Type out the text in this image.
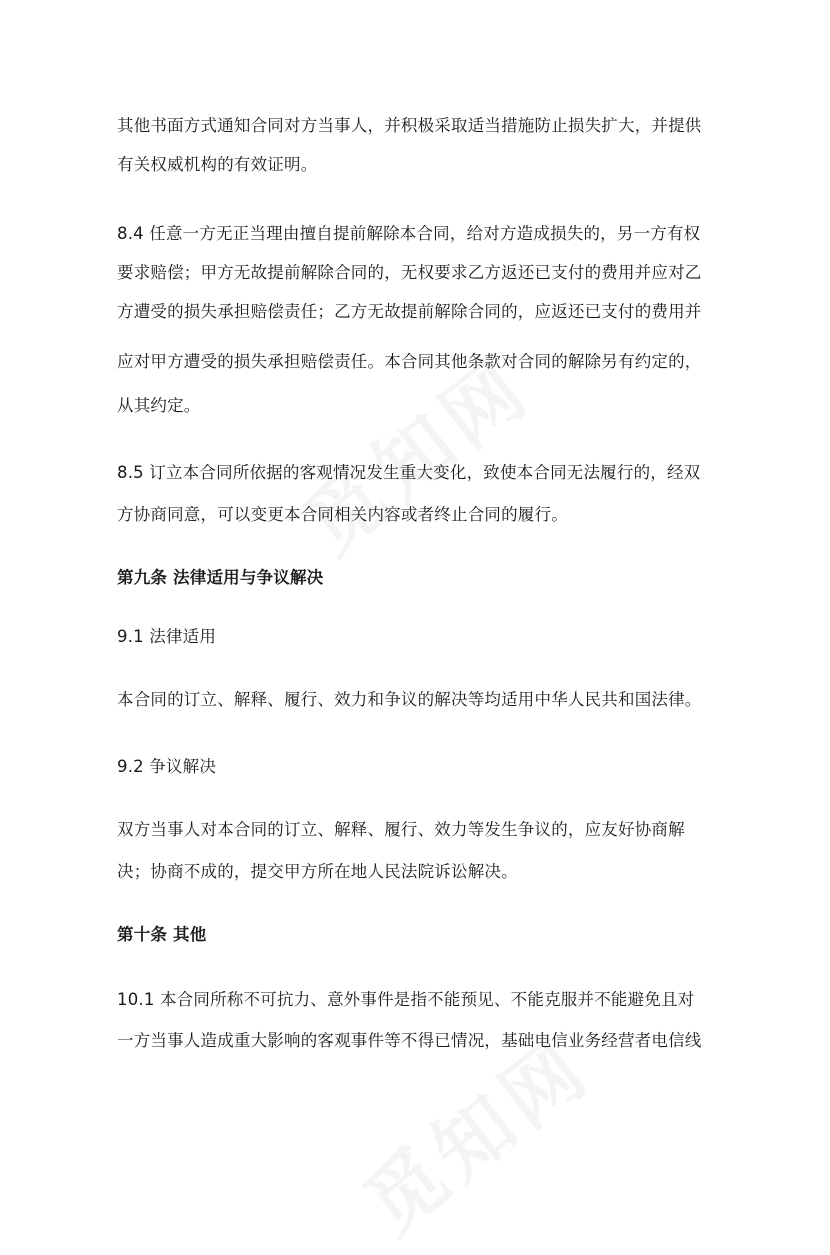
其他书面方式通知合同对方当事人，并积极采取适当措施防止损失扩大，并提供
有关权威机构的有效证明。
8.4 任意一方无正当理由擅自提前解除本合同，给对方造成损失的，另一方有权
要求赔偿；甲方无故提前解除合同的，无权要求乙方返还已支付的费用并应对乙
方遭受的损失承担赔偿责任；乙方无故提前解除合同的，应返还已支付的费用并
应对甲方遭受的损失承担赔偿责任。本合同其他条款对合同的解除另有约定的，
从其约定。
8.5 订立本合同所依据的客观情况发生重大变化，致使本合同无法履行的，经双
方协商同意，可以变更本合同相关内容或者终止合同的履行。
第九条 法律适用与争议解决
9.1 法律适用
本合同的订立、解释、履行、效力和争议的解决等均适用中华人民共和国法律。
9.2 争议解决
双方当事人对本合同的订立、解释、履行、效力等发生争议的，应友好协商解
决；协商不成的，提交甲方所在地人民法院诉讼解决。
第十条 其他
10.1 本合同所称不可抗力、意外事件是指不能预见、不能克服并不能避免且对
一方当事人造成重大影响的客观事件等不得已情况，基础电信业务经营者电信线
